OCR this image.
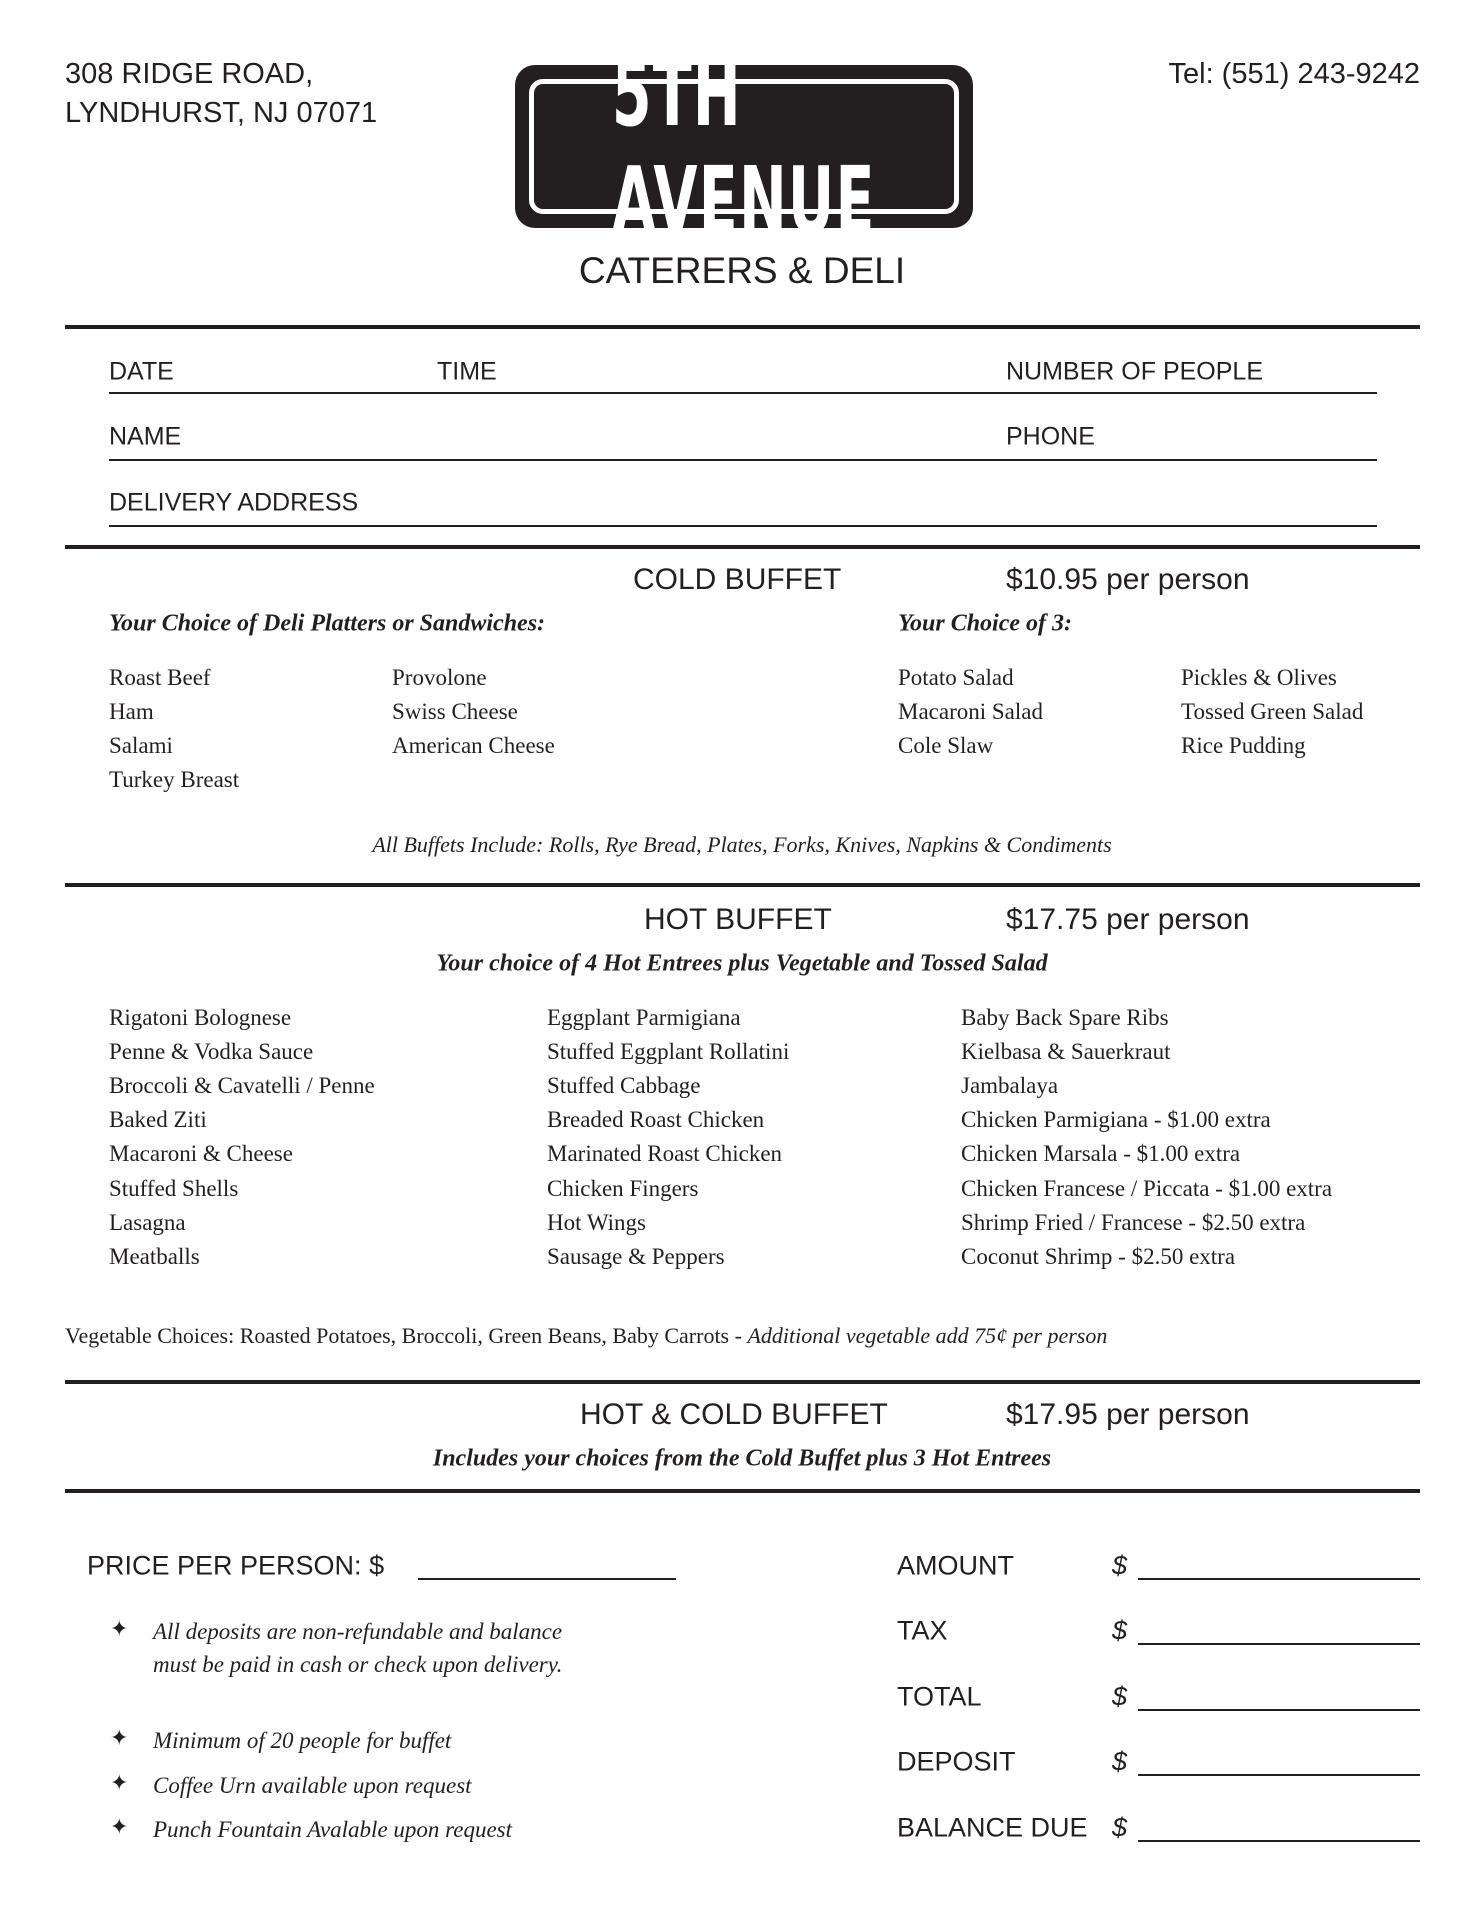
308 RIDGE ROAD,
LYNDHURST, NJ 07071
Tel: (551) 243-9242
5TH AVENUE
CATERERS & DELI
DATE	TIME	NUMBER OF PEOPLE
NAME	PHONE
DELIVERY ADDRESS
COLD BUFFET	$10.95 per person
Your Choice of Deli Platters or Sandwiches:	Your Choice of 3:
Roast Beef
Ham
Salami
Turkey Breast
Provolone
Swiss Cheese
American Cheese
Potato Salad
Macaroni Salad
Cole Slaw
Pickles & Olives
Tossed Green Salad
Rice Pudding
All Buffets Include: Rolls, Rye Bread, Plates, Forks, Knives, Napkins & Condiments
HOT BUFFET	$17.75 per person
Your choice of 4 Hot Entrees plus Vegetable and Tossed Salad
Rigatoni Bolognese
Penne & Vodka Sauce
Broccoli & Cavatelli / Penne
Baked Ziti
Macaroni & Cheese
Stuffed Shells
Lasagna
Meatballs
Eggplant Parmigiana
Stuffed Eggplant Rollatini
Stuffed Cabbage
Breaded Roast Chicken
Marinated Roast Chicken
Chicken Fingers
Hot Wings
Sausage & Peppers
Baby Back Spare Ribs
Kielbasa & Sauerkraut
Jambalaya
Chicken Parmigiana - $1.00 extra
Chicken Marsala - $1.00 extra
Chicken Francese / Piccata - $1.00 extra
Shrimp Fried / Francese - $2.50 extra
Coconut Shrimp - $2.50 extra
Vegetable Choices: Roasted Potatoes, Broccoli, Green Beans, Baby Carrots - Additional vegetable add 75¢ per person
HOT & COLD BUFFET	$17.95 per person
Includes your choices from the Cold Buffet plus 3 Hot Entrees
PRICE PER PERSON: $
✦ All deposits are non-refundable and balance
must be paid in cash or check upon delivery.
✦ Minimum of 20 people for buffet
✦ Coffee Urn available upon request
✦ Punch Fountain Avalable upon request
AMOUNT	$
TAX	$
TOTAL	$
DEPOSIT	$
BALANCE DUE $
